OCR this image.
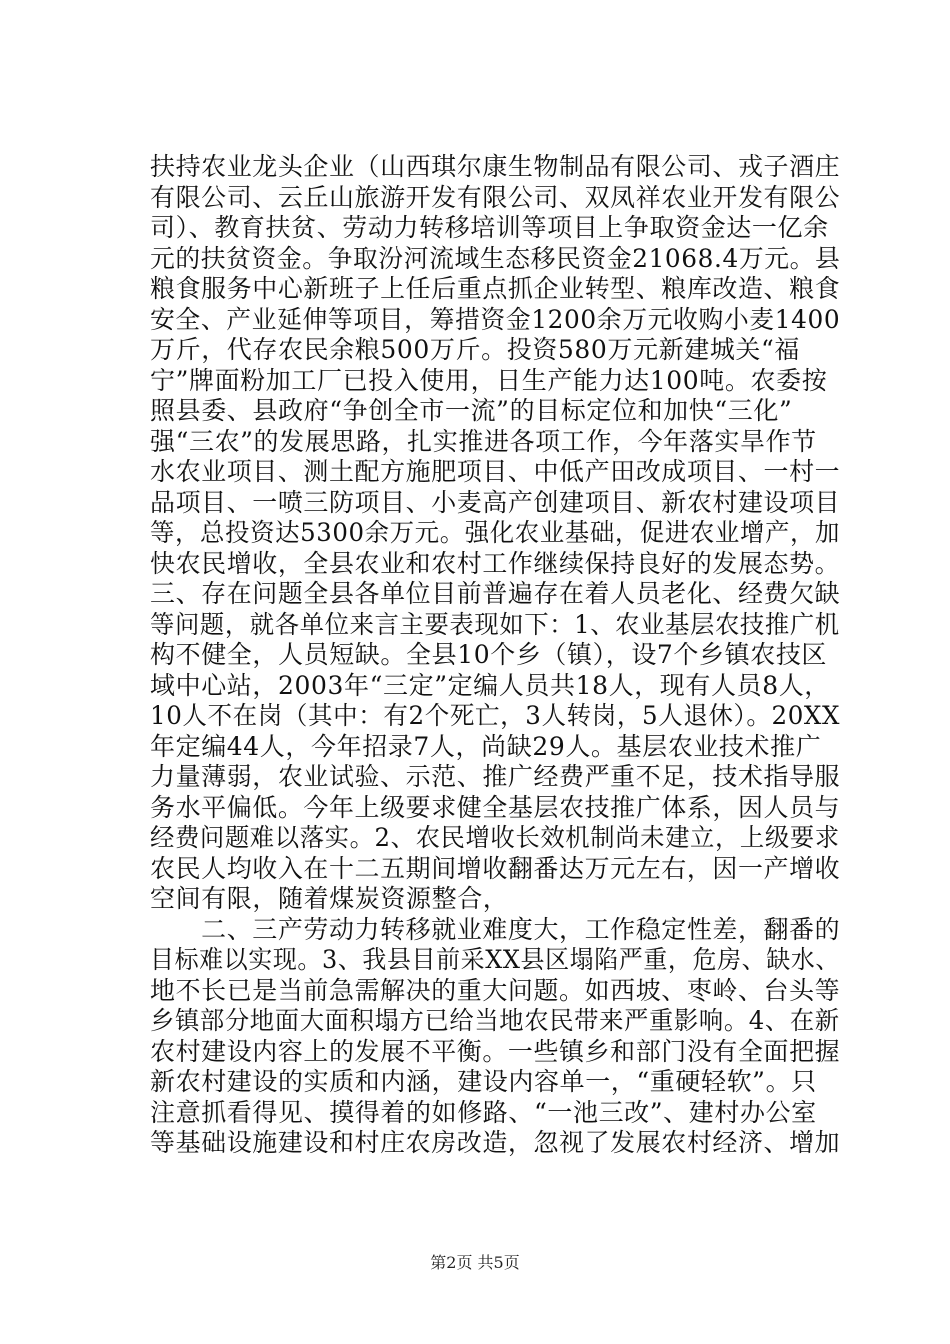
扶持农业龙头企业（山西琪尔康生物制品有限公司、戎子酒庄
有限公司、云丘山旅游开发有限公司、双凤祥农业开发有限公
司）、教育扶贫、劳动力转移培训等项目上争取资金达一亿余
元的扶贫资金。争取汾河流域生态移民资金21068.4万元。县
粮食服务中心新班子上任后重点抓企业转型、粮库改造、粮食
安全、产业延伸等项目，筹措资金1200余万元收购小麦1400
万斤，代存农民余粮500万斤。投资580万元新建城关“福
宁”牌面粉加工厂已投入使用，日生产能力达100吨。农委按
照县委、县政府“争创全市一流”的目标定位和加快“三化”
强“三农”的发展思路，扎实推进各项工作，今年落实旱作节
水农业项目、测土配方施肥项目、中低产田改成项目、一村一
品项目、一喷三防项目、小麦高产创建项目、新农村建设项目
等，总投资达5300余万元。强化农业基础，促进农业增产，加
快农民增收，全县农业和农村工作继续保持良好的发展态势。
三、存在问题全县各单位目前普遍存在着人员老化、经费欠缺
等问题，就各单位来言主要表现如下：1、农业基层农技推广机
构不健全，人员短缺。全县10个乡（镇），设7个乡镇农技区
域中心站，2003年“三定”定编人员共18人，现有人员8人，
10人不在岗（其中：有2个死亡，3人转岗，5人退休）。20XX
年定编44人，今年招录7人，尚缺29人。基层农业技术推广
力量薄弱，农业试验、示范、推广经费严重不足，技术指导服
务水平偏低。今年上级要求健全基层农技推广体系，因人员与
经费问题难以落实。2、农民增收长效机制尚未建立，上级要求
农民人均收入在十二五期间增收翻番达万元左右，因一产增收
空间有限，随着煤炭资源整合，
　　二、三产劳动力转移就业难度大，工作稳定性差，翻番的
目标难以实现。3、我县目前采XX县区塌陷严重，危房、缺水、
地不长已是当前急需解决的重大问题。如西坡、枣岭、台头等
乡镇部分地面大面积塌方已给当地农民带来严重影响。4、在新
农村建设内容上的发展不平衡。一些镇乡和部门没有全面把握
新农村建设的实质和内涵，建设内容单一，“重硬轻软”。只
注意抓看得见、摸得着的如修路、“一池三改”、建村办公室
等基础设施建设和村庄农房改造，忽视了发展农村经济、增加
第2页 共5页
